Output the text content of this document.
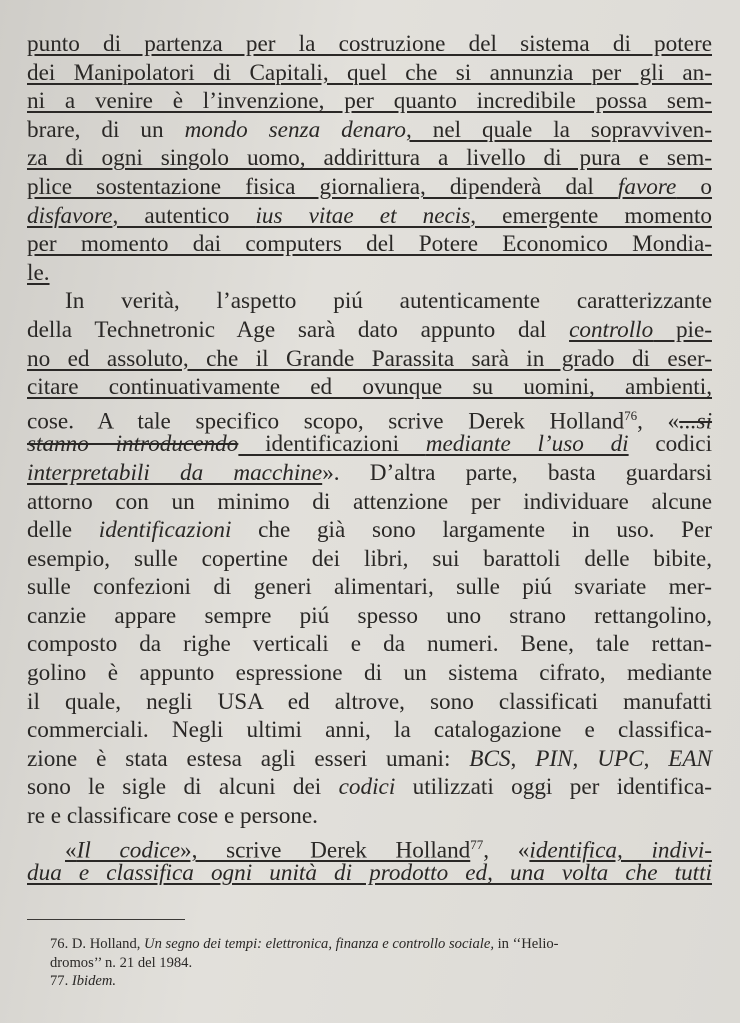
punto di partenza per la costruzione del sistema di potere
dei Manipolatori di Capitali, quel che si annunzia per gli an-
ni a venire è l’invenzione, per quanto incredibile possa sem-
brare, di un mondo senza denaro, nel quale la sopravviven-
za di ogni singolo uomo, addirittura a livello di pura e sem-
plice sostentazione fisica giornaliera, dipenderà dal favore o
disfavore, autentico ius vitae et necis, emergente momento
per momento dai computers del Potere Economico Mondia-
le.
In verità, l’aspetto piú autenticamente caratterizzante
della Technetronic Age sarà dato appunto dal controllo pie-
no ed assoluto, che il Grande Parassita sarà in grado di eser-
citare continuativamente ed ovunque su uomini, ambienti,
cose. A tale specifico scopo, scrive Derek Holland$^{76}$, «...si
stanno introducendo identificazioni mediante l’uso di codici
interpretabili da macchine». D’altra parte, basta guardarsi
attorno con un minimo di attenzione per individuare alcune
delle identificazioni che già sono largamente in uso. Per
esempio, sulle copertine dei libri, sui barattoli delle bibite,
sulle confezioni di generi alimentari, sulle piú svariate mer-
canzie appare sempre piú spesso uno strano rettangolino,
composto da righe verticali e da numeri. Bene, tale rettan-
golino è appunto espressione di un sistema cifrato, mediante
il quale, negli USA ed altrove, sono classificati manufatti
commerciali. Negli ultimi anni, la catalogazione e classifica-
zione è stata estesa agli esseri umani: BCS, PIN, UPC, EAN
sono le sigle di alcuni dei codici utilizzati oggi per identifica-
re e classificare cose e persone.
«Il codice», scrive Derek Holland$^{77}$, «identifica, indivi-
dua e classifica ogni unità di prodotto ed, una volta che tutti
76. D. Holland, Un segno dei tempi: elettronica, finanza e controllo sociale, in ‘‘Helio-
dromos’’ n. 21 del 1984.
77. Ibidem.
